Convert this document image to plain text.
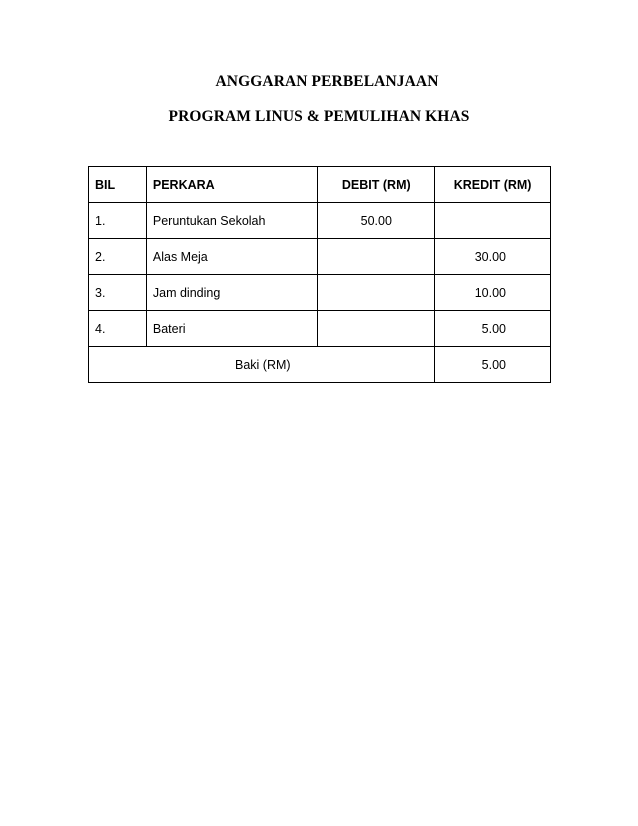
ANGGARAN PERBELANJAAN
PROGRAM LINUS & PEMULIHAN KHAS
BIL	PERKARA	DEBIT (RM)	KREDIT (RM)
1.	Peruntukan Sekolah	50.00	
2.	Alas Meja		30.00
3.	Jam dinding		10.00
4.	Bateri		5.00
Baki (RM)			5.00
